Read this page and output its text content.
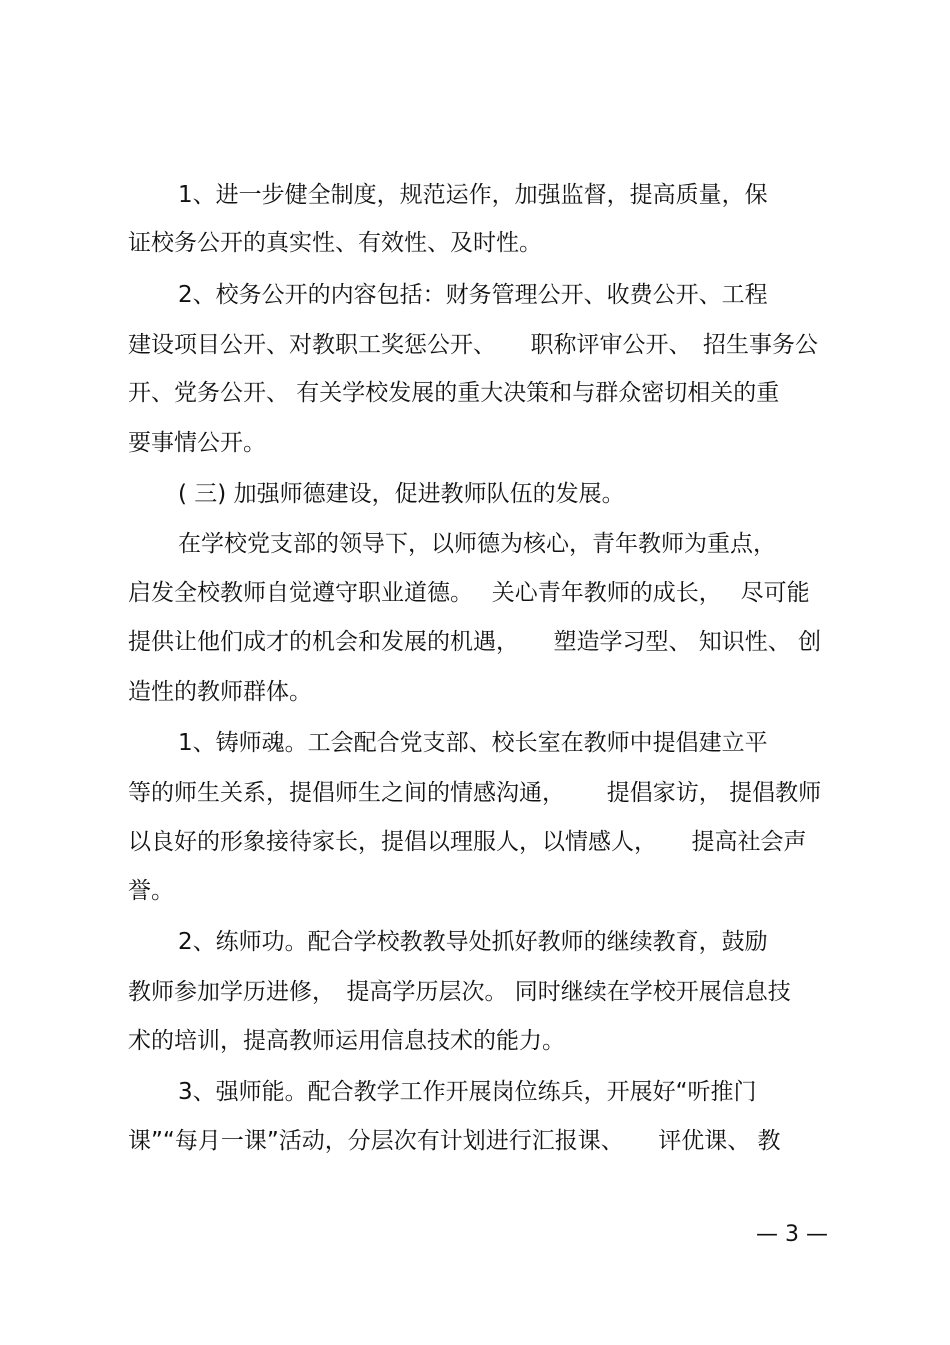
1、进一步健全制度，规范运作，加强监督，提高质量，保

证校务公开的真实性、有效性、及时性。

2、校务公开的内容包括：财务管理公开、收费公开、工程

建设项目公开、对教职工奖惩公开、　　职称评审公开、　招生事务公

开、党务公开、 有关学校发展的重大决策和与群众密切相关的重

要事情公开。

( 三) 加强师德建设，促进教师队伍的发展。

在学校党支部的领导下，以师德为核心，青年教师为重点，

启发全校教师自觉遵守职业道德。　 关心青年教师的成长，　 尽可能

提供让他们成才的机会和发展的机遇，　　塑造学习型、 知识性、 创

造性的教师群体。

1、铸师魂。工会配合党支部、校长室在教师中提倡建立平

等的师生关系，提倡师生之间的情感沟通，　　 提倡家访， 提倡教师

以良好的形象接待家长，提倡以理服人，以情感人，　　提高社会声

誉。

2、练师功。配合学校教教导处抓好教师的继续教育，鼓励

教师参加学历进修，　提高学历层次。 同时继续在学校开展信息技

术的培训，提高教师运用信息技术的能力。

3、强师能。配合教学工作开展岗位练兵，开展好“听推门

课”“每月一课”活动，分层次有计划进行汇报课、　　评优课、 教

— 3 —
